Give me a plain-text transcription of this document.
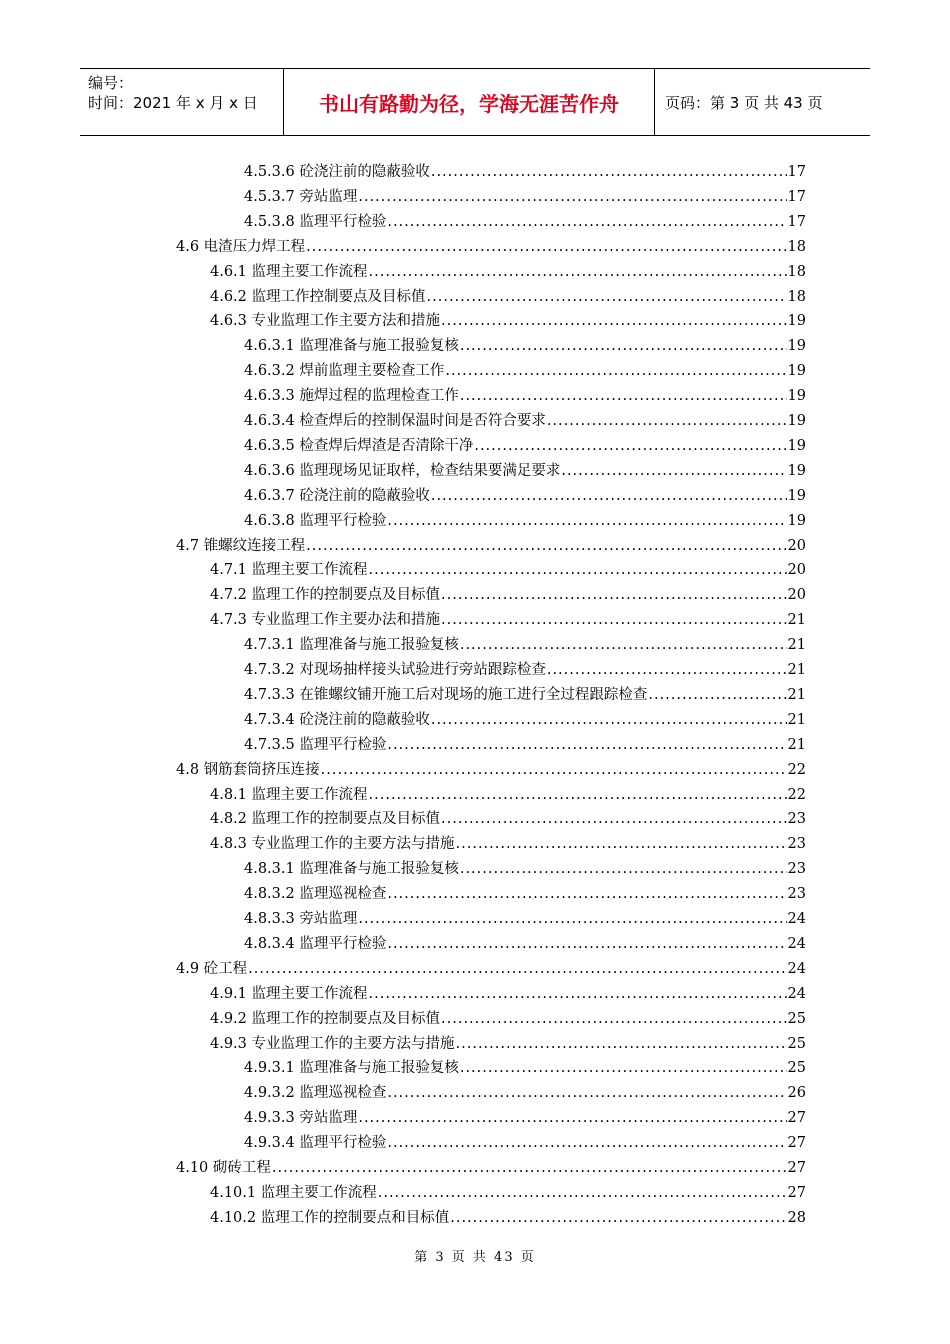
编号：
时间：2021 年 x 月 x 日	书山有路勤为径，学海无涯苦作舟	页码：第 3 页 共 43 页
4.5.3.6 砼浇注前的隐蔽验收 .....	17
4.5.3.7 旁站监理 .....	17
4.5.3.8 监理平行检验 .....	17
4.6 电渣压力焊工程 .....	18
4.6.1 监理主要工作流程 .....	18
4.6.2 监理工作控制要点及目标值 .....	18
4.6.3 专业监理工作主要方法和措施 .....	19
4.6.3.1 监理准备与施工报验复核 .....	19
4.6.3.2 焊前监理主要检查工作 .....	19
4.6.3.3 施焊过程的监理检查工作 .....	19
4.6.3.4 检查焊后的控制保温时间是否符合要求 .....	19
4.6.3.5 检查焊后焊渣是否清除干净 .....	19
4.6.3.6 监理现场见证取样，检查结果要满足要求 .....	19
4.6.3.7 砼浇注前的隐蔽验收 .....	19
4.6.3.8 监理平行检验 .....	19
4.7 锥螺纹连接工程 .....	20
4.7.1 监理主要工作流程 .....	20
4.7.2 监理工作的控制要点及目标值 .....	20
4.7.3 专业监理工作主要办法和措施 .....	21
4.7.3.1 监理准备与施工报验复核 .....	21
4.7.3.2 对现场抽样接头试验进行旁站跟踪检查 .....	21
4.7.3.3 在锥螺纹铺开施工后对现场的施工进行全过程跟踪检查 .....	21
4.7.3.4 砼浇注前的隐蔽验收 .....	21
4.7.3.5 监理平行检验 .....	21
4.8 钢筋套筒挤压连接 .....	22
4.8.1 监理主要工作流程 .....	22
4.8.2 监理工作的控制要点及目标值 .....	23
4.8.3 专业监理工作的主要方法与措施 .....	23
4.8.3.1 监理准备与施工报验复核 .....	23
4.8.3.2 监理巡视检查 .....	23
4.8.3.3 旁站监理 .....	24
4.8.3.4 监理平行检验 .....	24
4.9 砼工程 .....	24
4.9.1 监理主要工作流程 .....	24
4.9.2 监理工作的控制要点及目标值 .....	25
4.9.3 专业监理工作的主要方法与措施 .....	25
4.9.3.1 监理准备与施工报验复核 .....	25
4.9.3.2 监理巡视检查 .....	26
4.9.3.3 旁站监理 .....	27
4.9.3.4 监理平行检验 .....	27
4.10 砌砖工程 .....	27
4.10.1 监理主要工作流程 .....	27
4.10.2 监理工作的控制要点和目标值 .....	28
第 3 页 共 43 页
